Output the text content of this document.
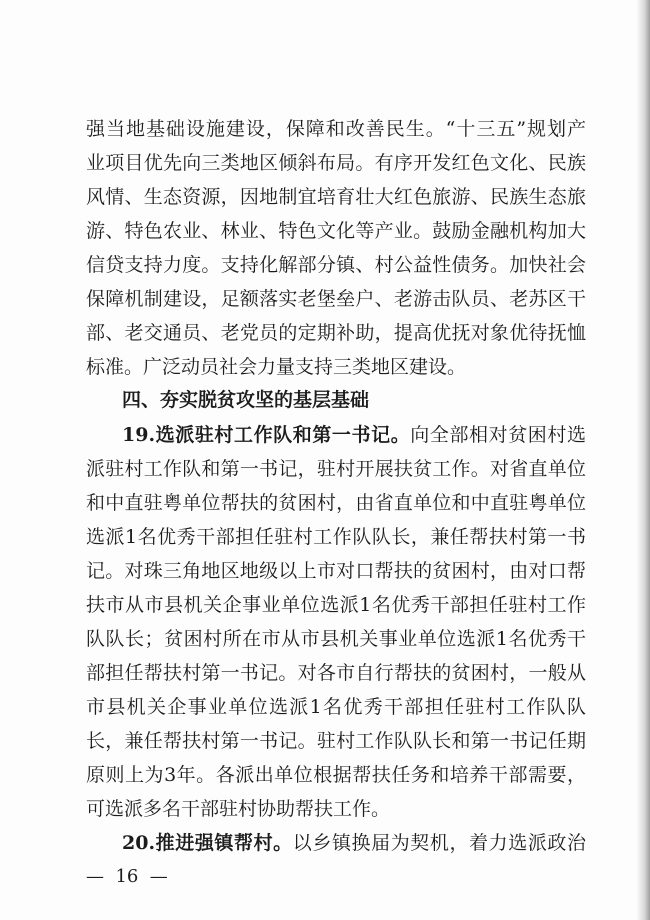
强当地基础设施建设，保障和改善民生。“十三五”规划产
业项目优先向三类地区倾斜布局。有序开发红色文化、民族
风情、生态资源，因地制宜培育壮大红色旅游、民族生态旅
游、特色农业、林业、特色文化等产业。鼓励金融机构加大
信贷支持力度。支持化解部分镇、村公益性债务。加快社会
保障机制建设，足额落实老堡垒户、老游击队员、老苏区干
部、老交通员、老党员的定期补助，提高优抚对象优待抚恤
标准。广泛动员社会力量支持三类地区建设。
四、夯实脱贫攻坚的基层基础
19.选派驻村工作队和第一书记。向全部相对贫困村选
派驻村工作队和第一书记，驻村开展扶贫工作。对省直单位
和中直驻粤单位帮扶的贫困村，由省直单位和中直驻粤单位
选派1名优秀干部担任驻村工作队队长，兼任帮扶村第一书
记。对珠三角地区地级以上市对口帮扶的贫困村，由对口帮
扶市从市县机关企事业单位选派1名优秀干部担任驻村工作
队队长；贫困村所在市从市县机关事业单位选派1名优秀干
部担任帮扶村第一书记。对各市自行帮扶的贫困村，一般从
市县机关企事业单位选派1名优秀干部担任驻村工作队队
长，兼任帮扶村第一书记。驻村工作队队长和第一书记任期
原则上为3年。各派出单位根据帮扶任务和培养干部需要，
可选派多名干部驻村协助帮扶工作。
20.推进强镇帮村。以乡镇换届为契机，着力选派政治
—  16  —
